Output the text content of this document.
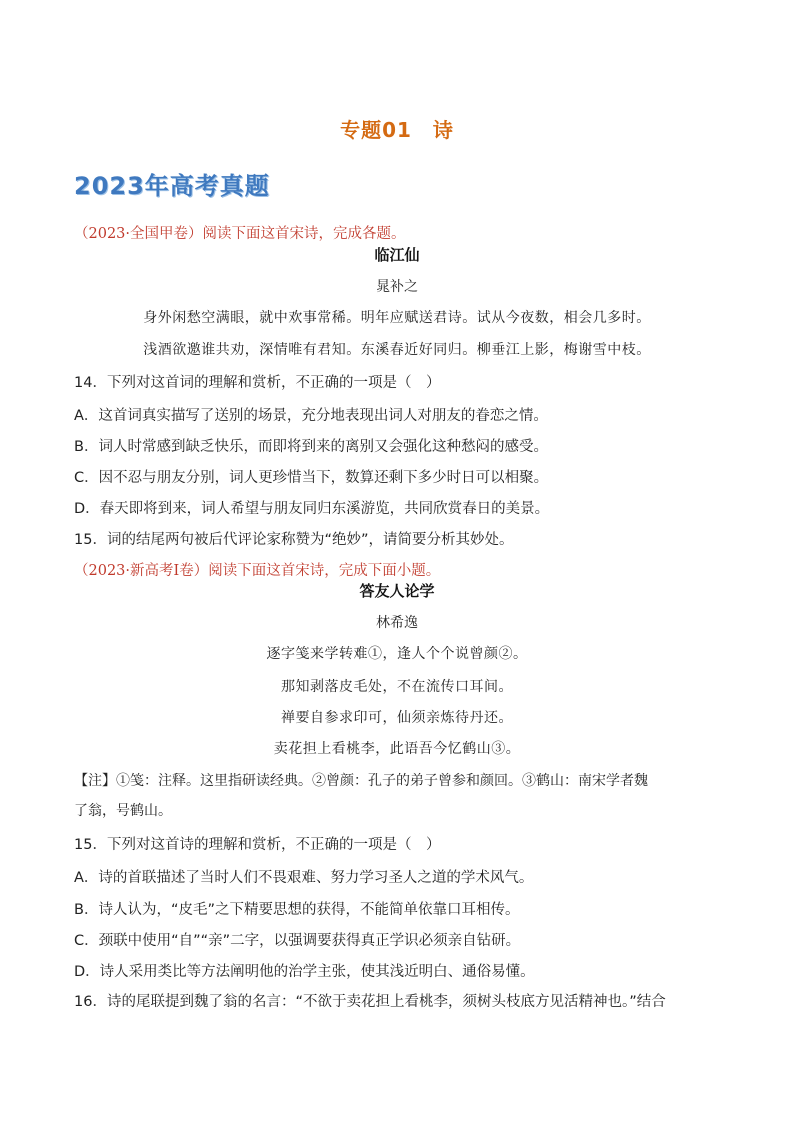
专题01　诗
2023年高考真题
（2023·全国甲卷）阅读下面这首宋诗，完成各题。
临江仙
晁补之
身外闲愁空满眼，就中欢事常稀。明年应赋送君诗。试从今夜数，相会几多时。
浅酒欲邀谁共劝，深情唯有君知。东溪春近好同归。柳垂江上影，梅谢雪中枝。
14．下列对这首词的理解和赏析，不正确的一项是（　）
A．这首词真实描写了送别的场景，充分地表现出词人对朋友的眷恋之情。
B．词人时常感到缺乏快乐，而即将到来的离别又会强化这种愁闷的感受。
C．因不忍与朋友分别，词人更珍惜当下，数算还剩下多少时日可以相聚。
D．春天即将到来，词人希望与朋友同归东溪游览，共同欣赏春日的美景。
15．词的结尾两句被后代评论家称赞为“绝妙”，请简要分析其妙处。
（2023·新高考Ⅰ卷）阅读下面这首宋诗，完成下面小题。
答友人论学
林希逸
逐字笺来学转难①，逢人个个说曾颜②。
那知剥落皮毛处，不在流传口耳间。
禅要自参求印可，仙须亲炼待丹还。
卖花担上看桃李，此语吾今忆鹤山③。
【注】①笺：注释。这里指研读经典。②曾颜：孔子的弟子曾参和颜回。③鹤山：南宋学者魏
了翁，号鹤山。
15．下列对这首诗的理解和赏析，不正确的一项是（　）
A．诗的首联描述了当时人们不畏艰难、努力学习圣人之道的学术风气。
B．诗人认为，“皮毛”之下精要思想的获得，不能简单依靠口耳相传。
C．颈联中使用“自”“亲”二字，以强调要获得真正学识必须亲自钻研。
D．诗人采用类比等方法阐明他的治学主张，使其浅近明白、通俗易懂。
16．诗的尾联提到魏了翁的名言：“不欲于卖花担上看桃李，须树头枝底方见活精神也。”结合
